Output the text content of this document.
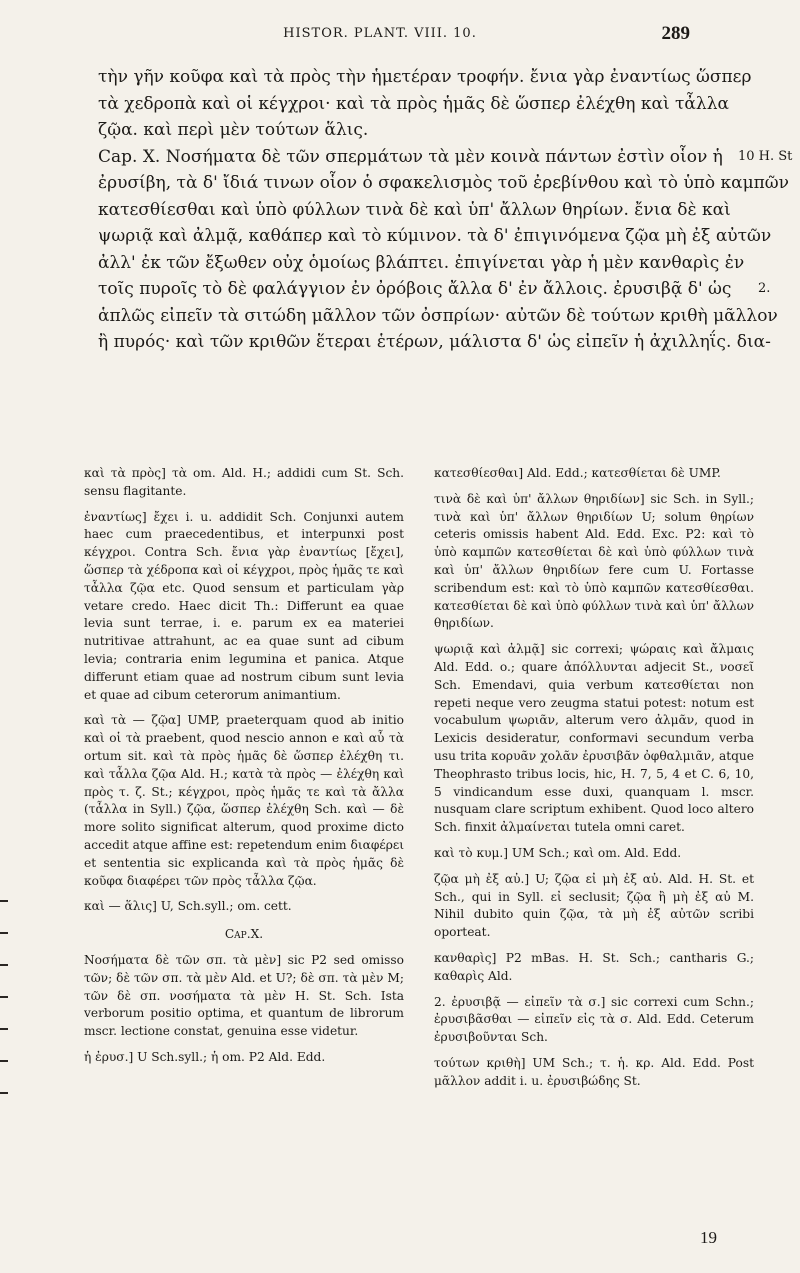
HISTOR. PLANT. VIII. 10.	289
τὴν γῆν κοῦφα καὶ τὰ πρὸς τὴν ἡμετέραν τροφήν. ἔνια γὰρ ἐναντίως ὥσπερ
τὰ χεδροπὰ καὶ οἱ κέγχροι· καὶ τὰ πρὸς ἡμᾶς δὲ ὥσπερ ἐλέχθη καὶ τἆλλα
ζῷα. καὶ περὶ μὲν τούτων ἅλις.
Cap. X. Νοσήματα δὲ τῶν σπερμάτων τὰ μὲν κοινὰ πάντων ἐστὶν οἷον ἡ 10 H. St
ἐρυσίβη, τὰ δ' ἴδιά τινων οἷον ὁ σφακελισμὸς τοῦ ἐρεβίνθου καὶ τὸ ὑπὸ καμπῶν
κατεσθίεσθαι καὶ ὑπὸ φύλλων τινὰ δὲ καὶ ὑπ' ἄλλων θηρίων. ἔνια δὲ καὶ
ψωριᾷ καὶ ἀλμᾷ, καθάπερ καὶ τὸ κύμινον. τὰ δ' ἐπιγινόμενα ζῷα μὴ ἐξ αὐτῶν
ἀλλ' ἐκ τῶν ἔξωθεν οὐχ ὁμοίως βλάπτει. ἐπιγίνεται γὰρ ἡ μὲν κανθαρὶς ἐν
τοῖς πυροῖς τὸ δὲ φαλάγγιον ἐν ὀρόβοις ἄλλα δ' ἐν ἄλλοις. ἐρυσιβᾷ δ' ὡς 2.
ἁπλῶς εἰπεῖν τὰ σιτώδη μᾶλλον τῶν ὀσπρίων· αὐτῶν δὲ τούτων κριθὴ μᾶλλον
ἢ πυρός· καὶ τῶν κριθῶν ἕτεραι ἑτέρων, μάλιστα δ' ὡς εἰπεῖν ἡ ἀχιλληΐς. δια-

καὶ τὰ πρὸς] τὰ om. Ald. H.; addidi cum St. Sch. sensu flagitante.

ἐναντίως] ἔχει i. u. addidit Sch. Conjunxi autem haec cum praecedentibus, et interpunxi post κέγχροι. Contra Sch. ἔνια γὰρ ἐναντίως [ἔχει], ὥσπερ τὰ χέδροπα καὶ οἱ κέγχροι, πρὸς ἡμᾶς τε καὶ τἆλλα ζῷα etc. Quod sensum et particulam γὰρ vetare credo. Haec dicit Th.: Differunt ea quae levia sunt terrae, i. e. parum ex ea materiei nutritivae attrahunt, ac ea quae sunt ad cibum levia; contraria enim leguminа et panica. Atque differunt etiam quae ad nostrum cibum sunt levia et quae ad cibum ceterorum animantium.

καὶ τὰ — ζῷα] UMP, praeterquam quod ab initio καὶ οἱ τὰ praebent, quod nescio annon e καὶ αὖ τὰ ortum sit. καὶ τὰ πρὸς ἡμᾶς δὲ ὥσπερ ἐλέχθη τι. καὶ τἆλλα ζῷα Ald. H.; κατὰ τὰ πρὸς — ἐλέχθη καὶ πρὸς τ. ζ. St.; κέγχροι, πρὸς ἡμᾶς τε καὶ τὰ ἄλλα (τἆλλα in Syll.) ζῷα, ὥσπερ ἐλέχθη Sch. καὶ — δὲ more solito significat alterum, quod proxime dicto accedit atque affine est: repetendum enim διαφέρει et sententia sic explicanda καὶ τὰ πρὸς ἡμᾶς δὲ κοῦφα διαφέρει τῶν πρὸς τἆλλα ζῷα.

καὶ — ἅλις] U, Sch.syll.; om. cett.

Cap.X.

Νοσήματα δὲ τῶν σπ. τὰ μὲν] sic P2 sed omisso τῶν; δὲ τῶν σπ. τὰ μὲν Ald. et U?; δὲ σπ. τὰ μὲν M; τῶν δὲ σπ. νοσήματα τὰ μὲν H. St. Sch. Ista verborum positio optima, et quantum de librorum mscr. lectione constat, genuina esse videtur.

ἡ ἐρυσ.] U Sch.syll.; ἡ om. P2 Ald. Edd.

κατεσθίεσθαι] Ald. Edd.; κατεσθίεται δὲ UMP.

τινὰ δὲ καὶ ὑπ' ἄλλων θηριδίων] sic Sch. in Syll.; τινὰ καὶ ὑπ' ἄλλων θηριδίων U; solum θηρίων ceteris omissis habent Ald. Edd. Exc. P2: καὶ τὸ ὑπὸ καμπῶν κατεσθίεται δὲ καὶ ὑπὸ φύλλων τινὰ καὶ ὑπ' ἄλλων θηριδίων fere cum U. Fortasse scribendum est: καὶ τὸ ὑπὸ καμπῶν κατεσθίεσθαι. κατεσθίεται δὲ καὶ ὑπὸ φύλλων τινὰ καὶ ὑπ' ἄλλων θηριδίων.

ψωριᾷ καὶ ἀλμᾷ] sic correxi; ψώραις καὶ ἄλμαις Ald. Edd. o.; quare ἀπόλλυνται adjecit St., νοσεῖ Sch. Emendavi, quia verbum κατεσθίεται non repeti neque vero zeugma statui potest: notum est vocabulum ψωριᾶν, alterum vero ἀλμᾶν, quod in Lexicis desideratur, conformavi secundum verba usu trita κορυᾶν χολᾶν ἐρυσιβᾶν ὀφθαλμιᾶν, atque Theophrasto tribus locis, hic, H. 7, 5, 4 et C. 6, 10, 5 vindicandum esse duxi, quanquam l. mscr. nusquam clare scriptum exhibent. Quod loco altero Sch. finxit ἀλμαίνεται tutela omni caret.

καὶ τὸ κυμ.] UM Sch.; καὶ om. Ald. Edd.

ζῷα μὴ ἐξ αὐ.] U; ζῷα εἰ μὴ ἐξ αὐ. Ald. H. St. et Sch., qui in Syll. εἰ seclusit; ζῷα ἢ μὴ ἐξ αὐ M. Nihil dubito quin ζῷα, τὰ μὴ ἐξ αὐτῶν scribi oporteat.

κανθαρὶς] P2 mBas. H. St. Sch.; cantharis G.; καθαρὶς Ald.

2. ἐρυσιβᾷ — εἰπεῖν τὰ σ.] sic correxi cum Schn.; ἐρυσιβᾶσθαι — εἰπεῖν εἰς τὰ σ. Ald. Edd. Ceterum ἐρυσιβοῦνται Sch.

τούτων κριθὴ] UM Sch.; τ. ἡ. κρ. Ald. Edd. Post μᾶλλον addit i. u. ἐρυσιβώδης St.

19
